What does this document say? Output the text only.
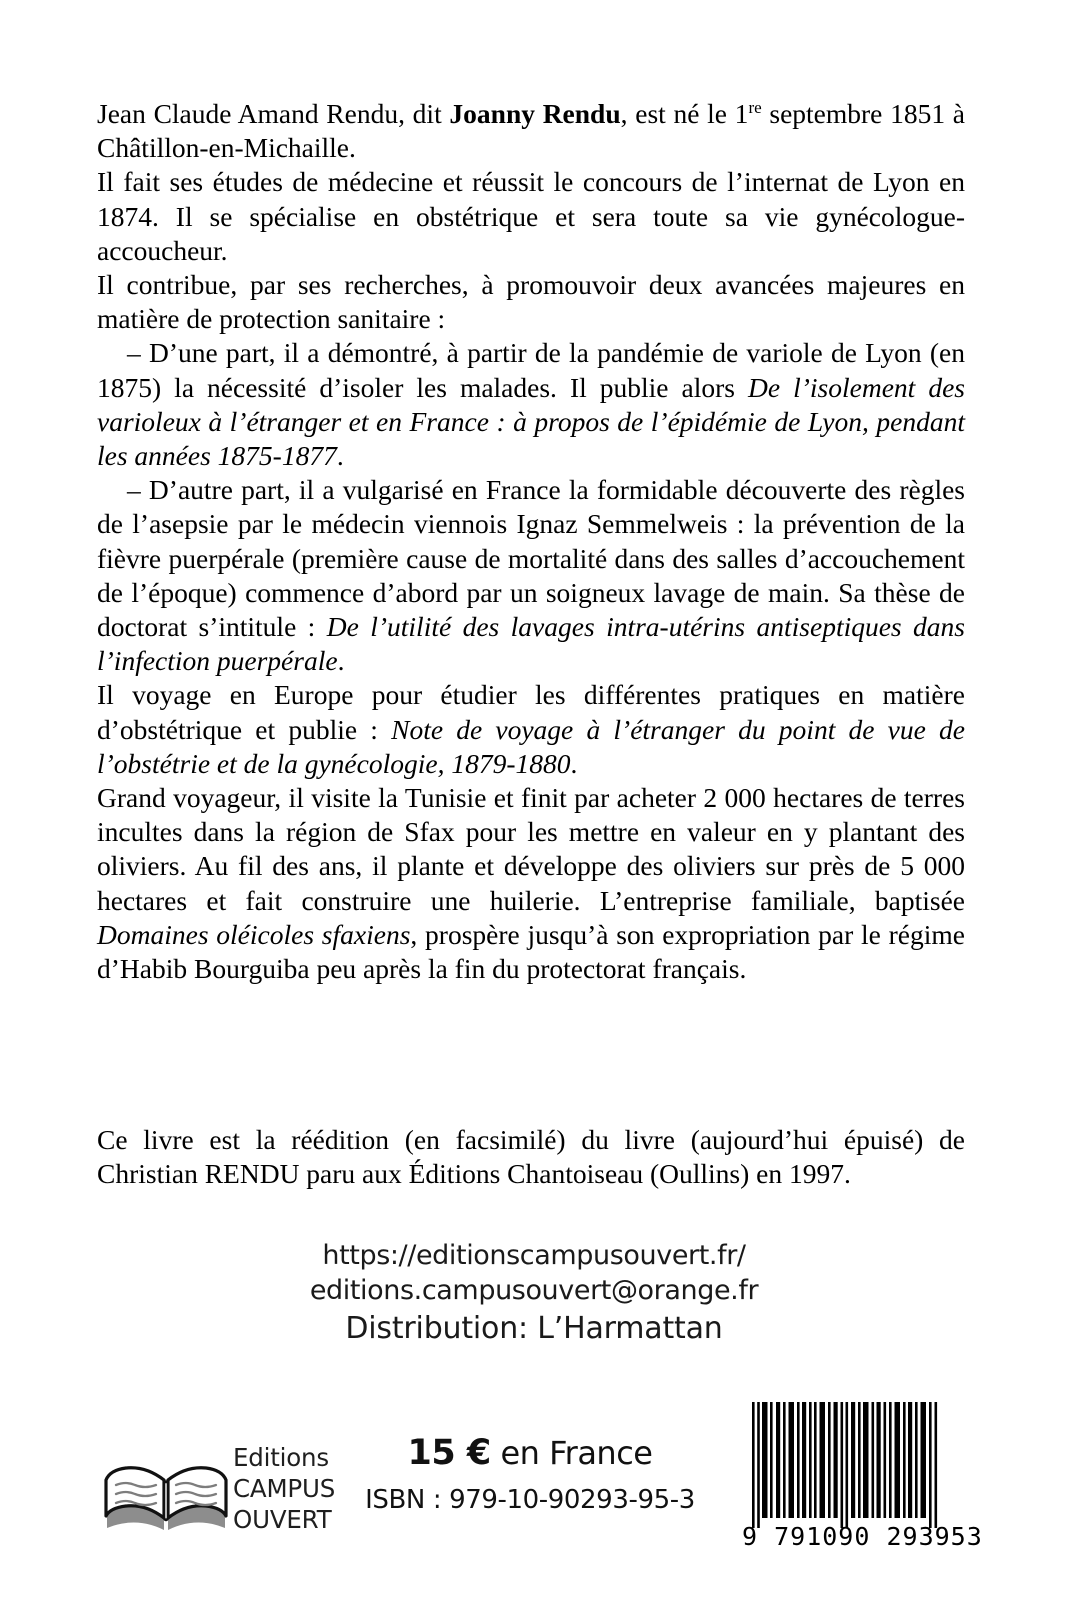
Jean Claude Amand Rendu, dit Joanny Rendu, est né le 1re septembre 1851 à Châtillon-en-Michaille.

Il fait ses études de médecine et réussit le concours de l’internat de Lyon en 1874. Il se spécialise en obstétrique et sera toute sa vie gynécologue-accoucheur.

Il contribue, par ses recherches, à promouvoir deux avancées majeures en matière de protection sanitaire :

– D’une part, il a démontré, à partir de la pandémie de variole de Lyon (en 1875) la nécessité d’isoler les malades. Il publie alors De l’isolement des varioleux à l’étranger et en France : à propos de l’épidémie de Lyon, pendant les années 1875-1877.

– D’autre part, il a vulgarisé en France la formidable découverte des règles de l’asepsie par le médecin viennois Ignaz Semmelweis : la prévention de la fièvre puerpérale (première cause de mortalité dans des salles d’accouchement de l’époque) commence d’abord par un soigneux lavage de main. Sa thèse de doctorat s’intitule : De l’utilité des lavages intra-utérins antiseptiques dans l’infection puerpérale.

Il voyage en Europe pour étudier les différentes pratiques en matière d’obstétrique et publie : Note de voyage à l’étranger du point de vue de l’obstétrie et de la gynécologie, 1879-1880.

Grand voyageur, il visite la Tunisie et finit par acheter 2 000 hectares de terres incultes dans la région de Sfax pour les mettre en valeur en y plantant des oliviers. Au fil des ans, il plante et développe des oliviers sur près de 5 000 hectares et fait construire une huilerie. L’entreprise familiale, baptisée Domaines oléicoles sfaxiens, prospère jusqu’à son expropriation par le régime d’Habib Bourguiba peu après la fin du protectorat français.

Ce livre est la réédition (en facsimilé) du livre (aujourd’hui épuisé) de Christian RENDU paru aux Éditions Chantoiseau (Oullins) en 1997.
https://editionscampusouvert.fr/
editions.campusouvert@orange.fr
Distribution: L’Harmattan
Editions
CAMPUS
OUVERT
15 € en France
ISBN : 979-10-90293-95-3
9 791090 293953
